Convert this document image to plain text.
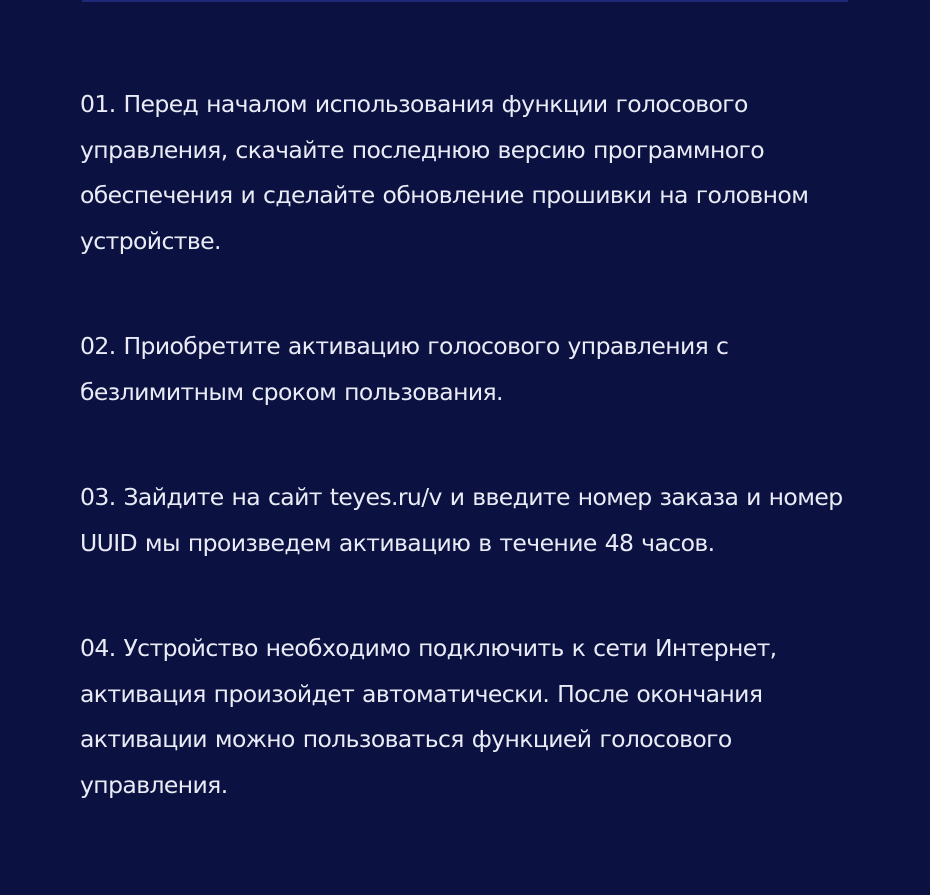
01. Перед началом использования функции голосового управления, скачайте последнюю версию программного обеспечения и сделайте обновление прошивки на головном устройстве.

02. Приобретите активацию голосового управления с безлимитным сроком пользования.

03. Зайдите на сайт teyes.ru/v и введите номер заказа и номер UUID мы произведем активацию в течение 48 часов.

04. Устройство необходимо подключить к сети Интернет, активация произойдет автоматически. После окончания активации можно пользоваться функцией голосового управления.
